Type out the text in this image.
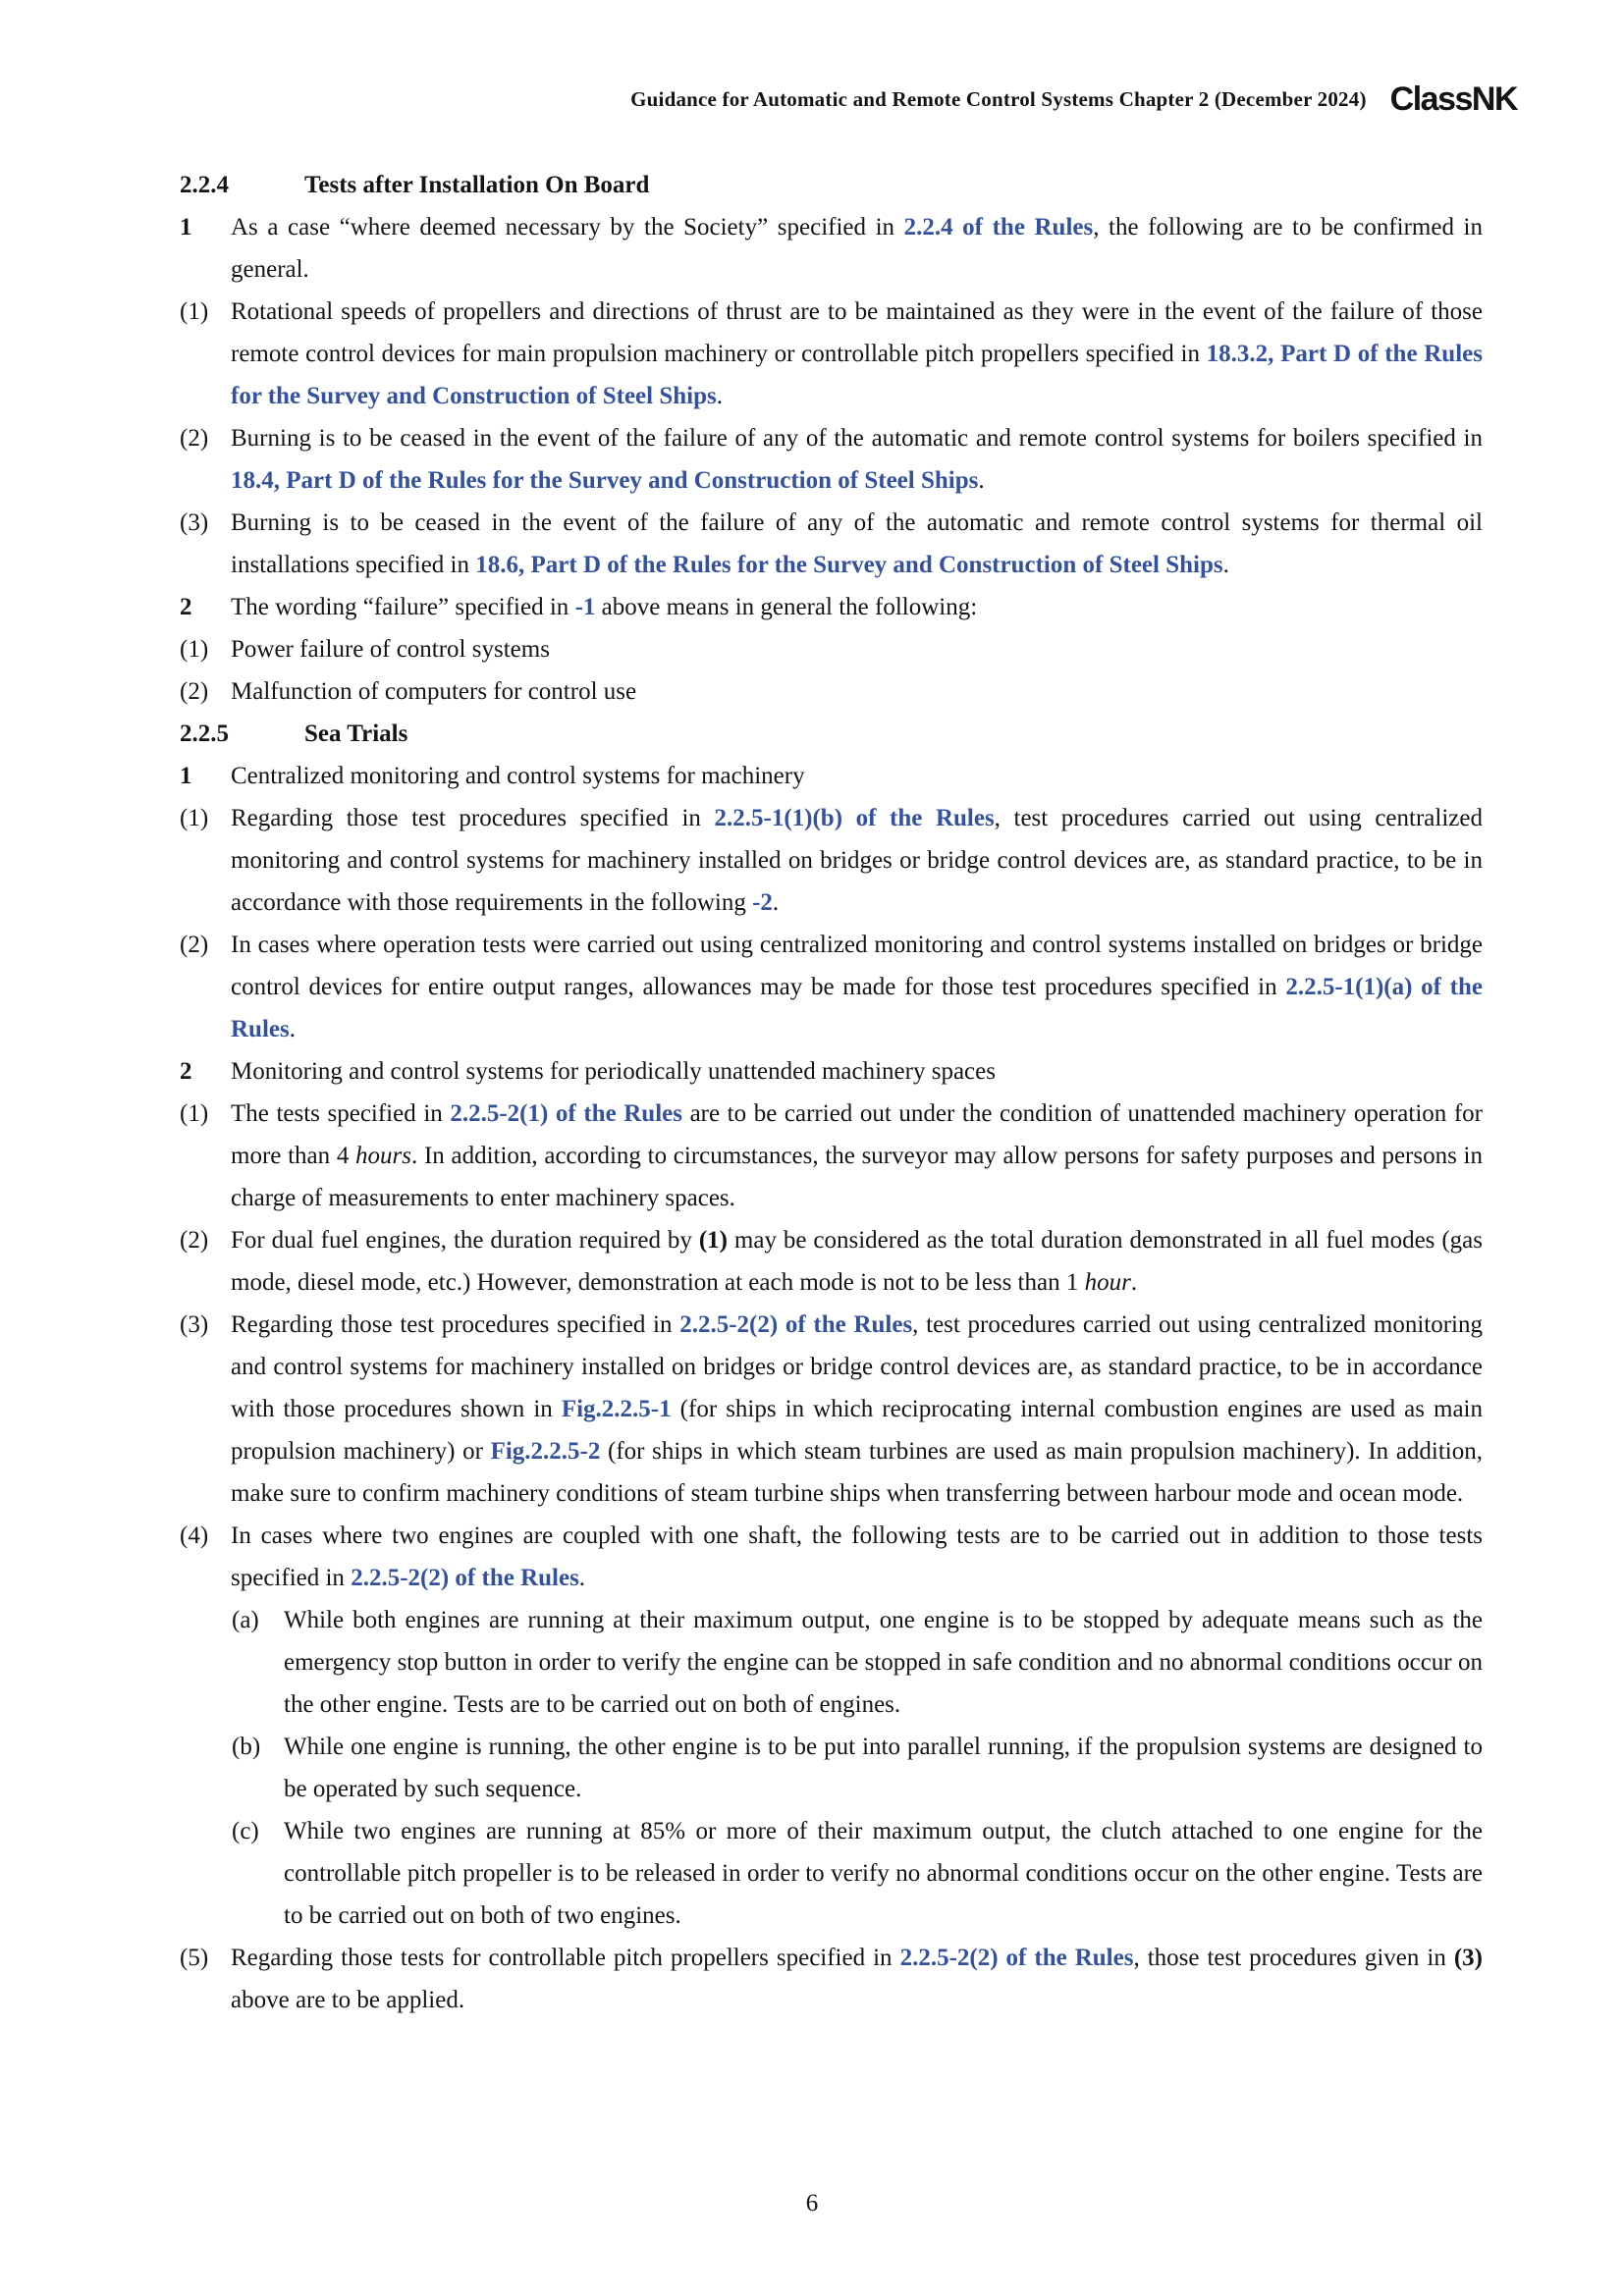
Guidance for Automatic and Remote Control Systems Chapter 2 (December 2024) ClassNK
2.2.4	Tests after Installation On Board
1	As a case “where deemed necessary by the Society” specified in 2.2.4 of the Rules, the following are to be confirmed in general.
(1) Rotational speeds of propellers and directions of thrust are to be maintained as they were in the event of the failure of those remote control devices for main propulsion machinery or controllable pitch propellers specified in 18.3.2, Part D of the Rules for the Survey and Construction of Steel Ships.
(2) Burning is to be ceased in the event of the failure of any of the automatic and remote control systems for boilers specified in 18.4, Part D of the Rules for the Survey and Construction of Steel Ships.
(3) Burning is to be ceased in the event of the failure of any of the automatic and remote control systems for thermal oil installations specified in 18.6, Part D of the Rules for the Survey and Construction of Steel Ships.
2	The wording “failure” specified in -1 above means in general the following:
(1) Power failure of control systems
(2) Malfunction of computers for control use
2.2.5	Sea Trials
1	Centralized monitoring and control systems for machinery
(1) Regarding those test procedures specified in 2.2.5-1(1)(b) of the Rules, test procedures carried out using centralized monitoring and control systems for machinery installed on bridges or bridge control devices are, as standard practice, to be in accordance with those requirements in the following -2.
(2) In cases where operation tests were carried out using centralized monitoring and control systems installed on bridges or bridge control devices for entire output ranges, allowances may be made for those test procedures specified in 2.2.5-1(1)(a) of the Rules.
2	Monitoring and control systems for periodically unattended machinery spaces
(1) The tests specified in 2.2.5-2(1) of the Rules are to be carried out under the condition of unattended machinery operation for more than 4 hours. In addition, according to circumstances, the surveyor may allow persons for safety purposes and persons in charge of measurements to enter machinery spaces.
(2) For dual fuel engines, the duration required by (1) may be considered as the total duration demonstrated in all fuel modes (gas mode, diesel mode, etc.) However, demonstration at each mode is not to be less than 1 hour.
(3) Regarding those test procedures specified in 2.2.5-2(2) of the Rules, test procedures carried out using centralized monitoring and control systems for machinery installed on bridges or bridge control devices are, as standard practice, to be in accordance with those procedures shown in Fig.2.2.5-1 (for ships in which reciprocating internal combustion engines are used as main propulsion machinery) or Fig.2.2.5-2 (for ships in which steam turbines are used as main propulsion machinery). In addition, make sure to confirm machinery conditions of steam turbine ships when transferring between harbour mode and ocean mode.
(4) In cases where two engines are coupled with one shaft, the following tests are to be carried out in addition to those tests specified in 2.2.5-2(2) of the Rules.
(a)	While both engines are running at their maximum output, one engine is to be stopped by adequate means such as the emergency stop button in order to verify the engine can be stopped in safe condition and no abnormal conditions occur on the other engine. Tests are to be carried out on both of engines.
(b) While one engine is running, the other engine is to be put into parallel running, if the propulsion systems are designed to be operated by such sequence.
(c)	While two engines are running at 85% or more of their maximum output, the clutch attached to one engine for the controllable pitch propeller is to be released in order to verify no abnormal conditions occur on the other engine. Tests are to be carried out on both of two engines.
(5) Regarding those tests for controllable pitch propellers specified in 2.2.5-2(2) of the Rules, those test procedures given in (3) above are to be applied.
6
